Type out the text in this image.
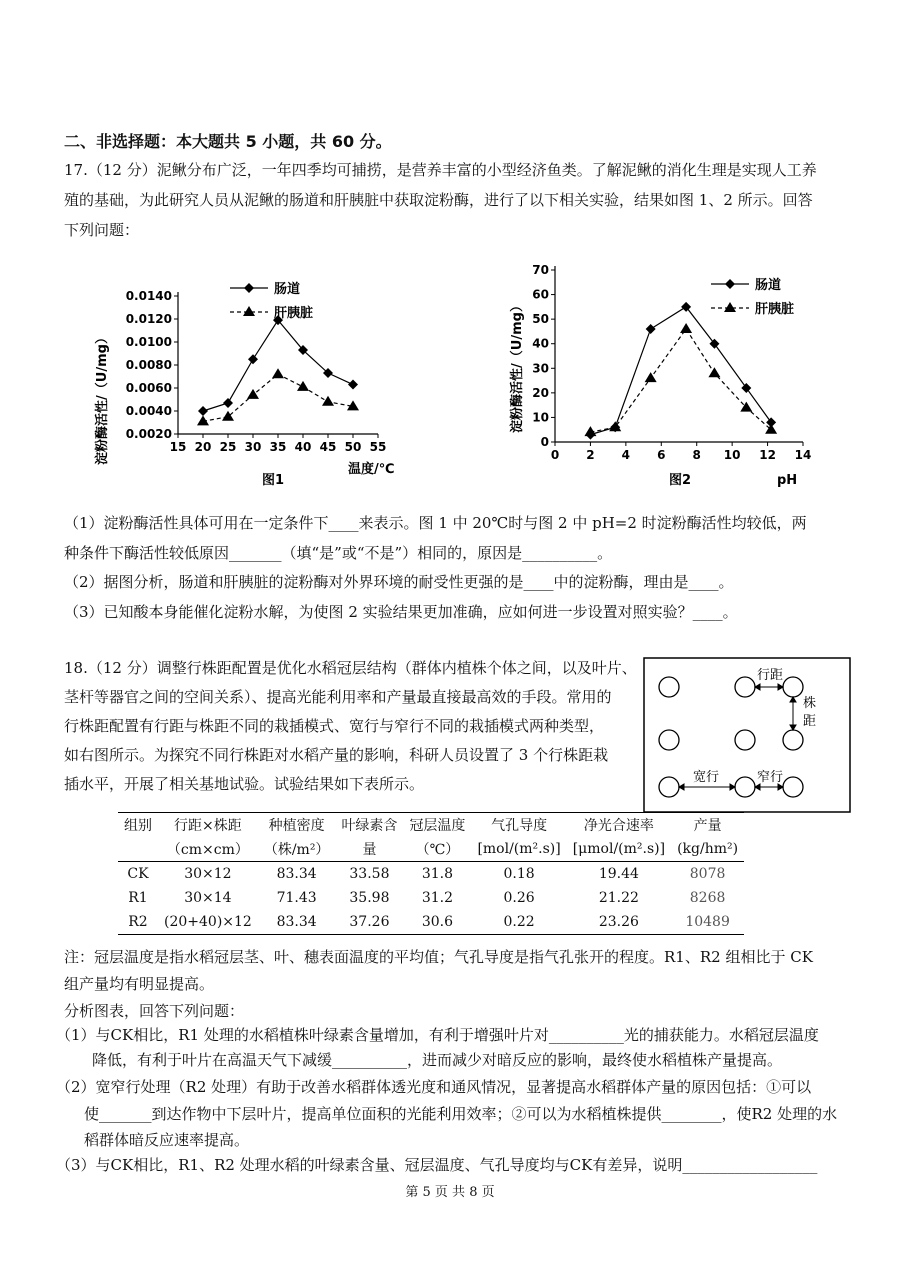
二、非选择题：本大题共 5 小题，共 60 分。
17.（12 分）泥鳅分布广泛，一年四季均可捕捞，是营养丰富的小型经济鱼类。了解泥鳅的消化生理是实现人工养
殖的基础，为此研究人员从泥鳅的肠道和肝胰脏中获取淀粉酶，进行了以下相关实验，结果如图 1、2 所示。回答
下列问题：
15 20 25 30 35 40 45 50 55
0.0020
0.0040
0.0060
0.0080
0.0100
0.0120
0.0140
淀粉酶活性/（U/mg）
温度/℃
图1
肠道
肝胰脏
0 2 4 6 8 10 12 14
0
10
20
30
40
50
60
70
淀粉酶活性/（U/mg）
pH
图2
肠道
肝胰脏
（1）淀粉酶活性具体可用在一定条件下____来表示。图 1 中 20℃时与图 2 中 pH=2 时淀粉酶活性均较低，两
种条件下酶活性较低原因_______（填“是”或“不是”）相同的，原因是__________。
（2）据图分析，肠道和肝胰脏的淀粉酶对外界环境的耐受性更强的是____中的淀粉酶，理由是____。
（3）已知酸本身能催化淀粉水解，为使图 2 实验结果更加准确，应如何进一步设置对照实验？____。
18.（12 分）调整行株距配置是优化水稻冠层结构（群体内植株个体之间，以及叶片、
茎杆等器官之间的空间关系）、提高光能利用率和产量最直接最高效的手段。常用的
行株距配置有行距与株距不同的栽插模式、宽行与窄行不同的栽插模式两种类型，
如右图所示。为探究不同行株距对水稻产量的影响，科研人员设置了 3 个行株距栽
插水平，开展了相关基地试验。试验结果如下表所示。
行距
株
距
宽行	窄行
组别	行距×株距	种植密度	叶绿素含	冠层温度	气孔导度	净光合速率	产量
	（cm×cm）	（株/m²）	量	（℃）	[mol/(m².s)]	[μmol/(m².s)]	(kg/hm²)
CK	30×12	83.34	33.58	31.8	0.18	19.44	8078
R1	30×14	71.43	35.98	31.2	0.26	21.22	8268
R2	(20+40)×12	83.34	37.26	30.6	0.22	23.26	10489
注：冠层温度是指水稻冠层茎、叶、穗表面温度的平均值；气孔导度是指气孔张开的程度。R1、R2 组相比于 CK
组产量均有明显提高。
分析图表，回答下列问题：
（1）与CK相比，R1 处理的水稻植株叶绿素含量增加，有利于增强叶片对__________光的捕获能力。水稻冠层温度
降低，有利于叶片在高温天气下减缓__________，进而减少对暗反应的影响，最终使水稻植株产量提高。
（2）宽窄行处理（R2 处理）有助于改善水稻群体透光度和通风情况，显著提高水稻群体产量的原因包括：①可以
使_______到达作物中下层叶片，提高单位面积的光能利用效率；②可以为水稻植株提供________，使R2 处理的水
稻群体暗反应速率提高。
（3）与CK相比，R1、R2 处理水稻的叶绿素含量、冠层温度、气孔导度均与CK有差异，说明__________________
第 5 页 共 8 页
